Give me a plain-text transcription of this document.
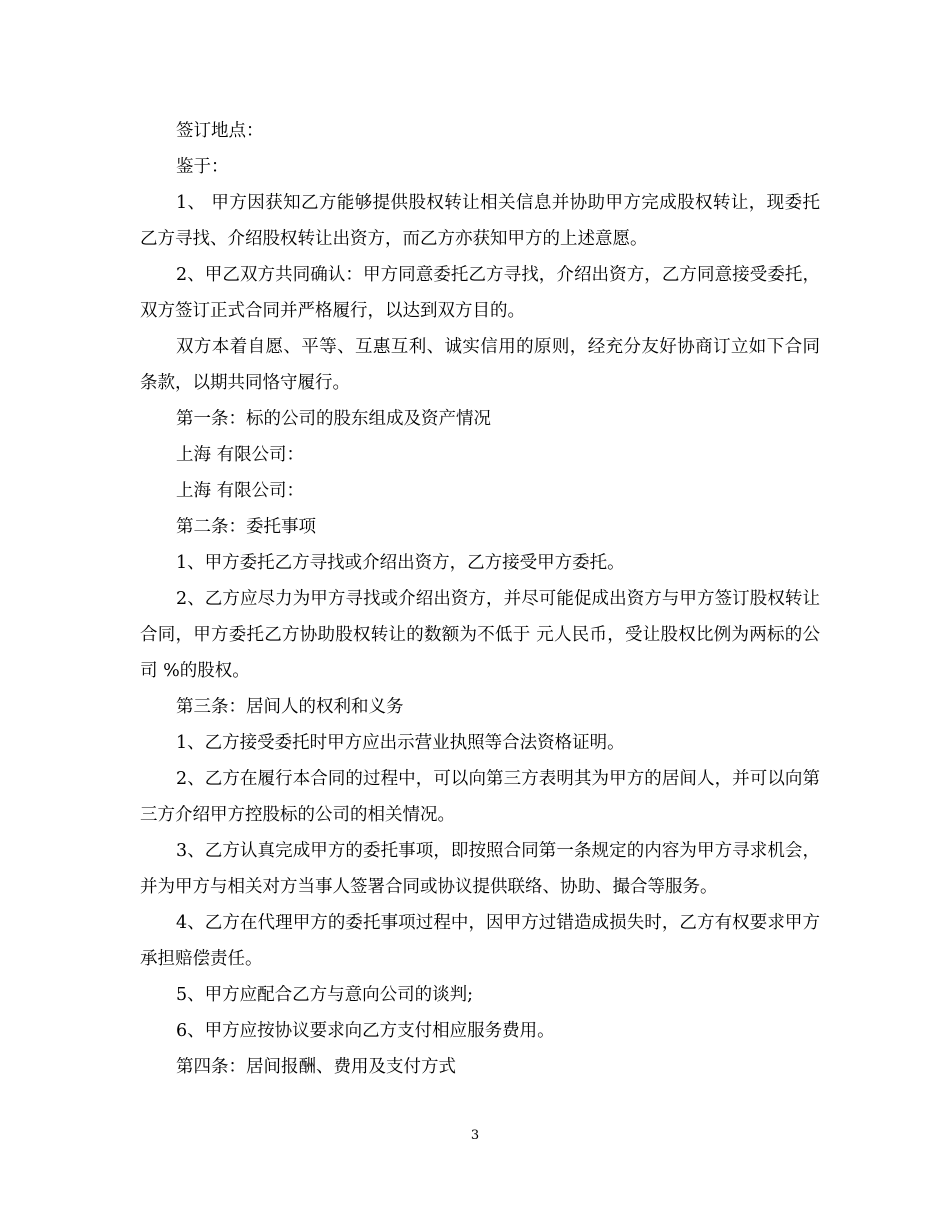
签订地点：

鉴于：

1、 甲方因获知乙方能够提供股权转让相关信息并协助甲方完成股权转让，现委托乙方寻找、介绍股权转让出资方，而乙方亦获知甲方的上述意愿。

2、甲乙双方共同确认：甲方同意委托乙方寻找，介绍出资方，乙方同意接受委托，双方签订正式合同并严格履行，以达到双方目的。

双方本着自愿、平等、互惠互利、诚实信用的原则，经充分友好协商订立如下合同条款，以期共同恪守履行。

第一条：标的公司的股东组成及资产情况

上海 有限公司：

上海 有限公司：

第二条：委托事项

1、甲方委托乙方寻找或介绍出资方，乙方接受甲方委托。

2、乙方应尽力为甲方寻找或介绍出资方，并尽可能促成出资方与甲方签订股权转让合同，甲方委托乙方协助股权转让的数额为不低于 元人民币，受让股权比例为两标的公司 %的股权。

第三条：居间人的权利和义务

1、乙方接受委托时甲方应出示营业执照等合法资格证明。

2、乙方在履行本合同的过程中，可以向第三方表明其为甲方的居间人，并可以向第三方介绍甲方控股标的公司的相关情况。

3、乙方认真完成甲方的委托事项，即按照合同第一条规定的内容为甲方寻求机会，并为甲方与相关对方当事人签署合同或协议提供联络、协助、撮合等服务。

4、乙方在代理甲方的委托事项过程中，因甲方过错造成损失时，乙方有权要求甲方承担赔偿责任。

5、甲方应配合乙方与意向公司的谈判;

6、甲方应按协议要求向乙方支付相应服务费用。

第四条：居间报酬、费用及支付方式

3
